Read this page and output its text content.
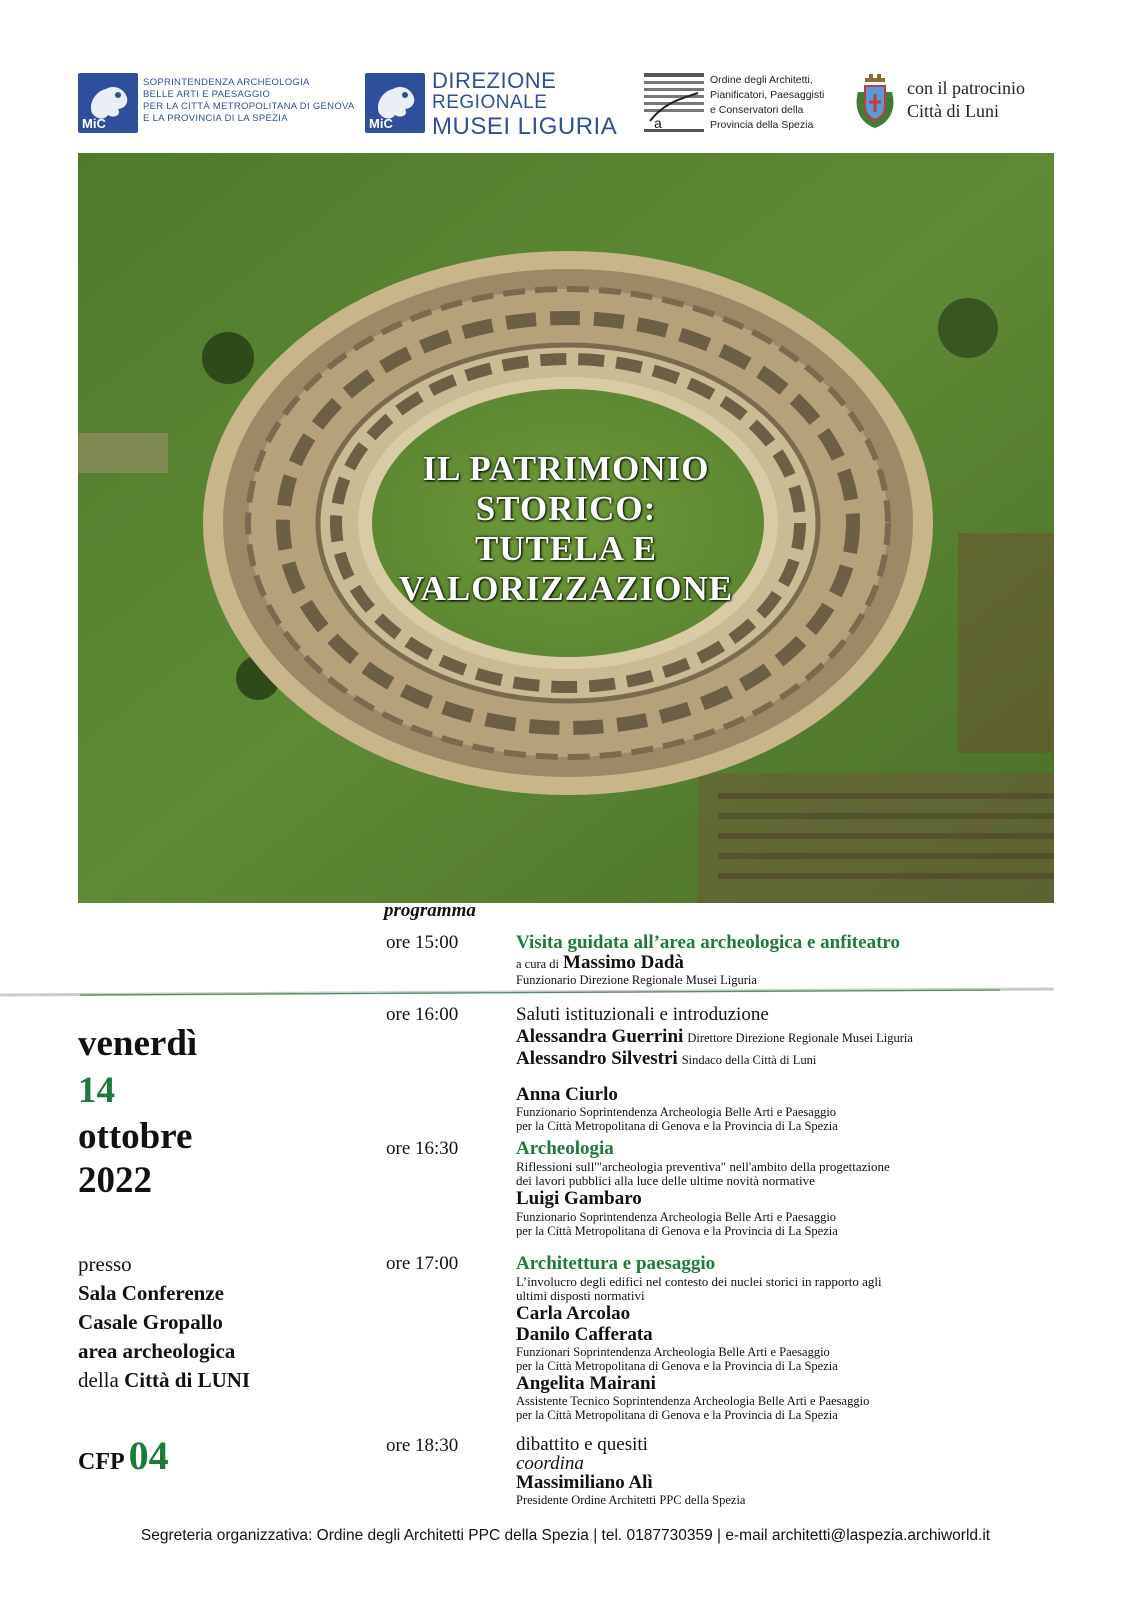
MiC
SOPRINTENDENZA ARCHEOLOGIA
BELLE ARTI E PAESAGGIO
PER LA CITTÀ METROPOLITANA DI GENOVA
E LA PROVINCIA DI LA SPEZIA	MiC
DIREZIONE
REGIONALE
MUSEI LIGURIA	a
Ordine degli Architetti,
Pianificatori, Paesaggisti
e Conservatori della
Provincia della Spezia
con il patrocinio
Città di Luni
IL PATRIMONIO
STORICO:
TUTELA E
VALORIZZAZIONE
programma
ore 15:00	Visita guidata all’area archeologica e anfiteatro
a cura di Massimo Dadà
Funzionario Direzione Regionale Musei Liguria
ore 16:00	Saluti istituzionali e introduzione
Alessandra Guerrini Direttore Direzione Regionale Musei Liguria
Alessandro Silvestri Sindaco della Città di Luni
Anna Ciurlo
Funzionario Soprintendenza Archeologia Belle Arti e Paesaggio
per la Città Metropolitana di Genova e la Provincia di La Spezia
ore 16:30	Archeologia
Riflessioni sull'"archeologia preventiva" nell'ambito della progettazione
dei lavori pubblici alla luce delle ultime novità normative
Luigi Gambaro
Funzionario Soprintendenza Archeologia Belle Arti e Paesaggio
per la Città Metropolitana di Genova e la Provincia di La Spezia
ore 17:00	Architettura e paesaggio
L’involucro degli edifici nel contesto dei nuclei storici in rapporto agli
ultimi disposti normativi
Carla Arcolao
Danilo Cafferata
Funzionari Soprintendenza Archeologia Belle Arti e Paesaggio
per la Città Metropolitana di Genova e la Provincia di La Spezia
Angelita Mairani
Assistente Tecnico Soprintendenza Archeologia Belle Arti e Paesaggio
per la Città Metropolitana di Genova e la Provincia di La Spezia
ore 18:30	dibattito e quesiti
coordina
Massimiliano Alì
Presidente Ordine Architetti PPC della Spezia
venerdì
14
ottobre
2022
presso
Sala Conferenze
Casale Gropallo
area archeologica
della Città di LUNI
CFP 04
Segreteria organizzativa: Ordine degli Architetti PPC della Spezia | tel. 0187730359 | e-mail architetti@laspezia.archiworld.it
